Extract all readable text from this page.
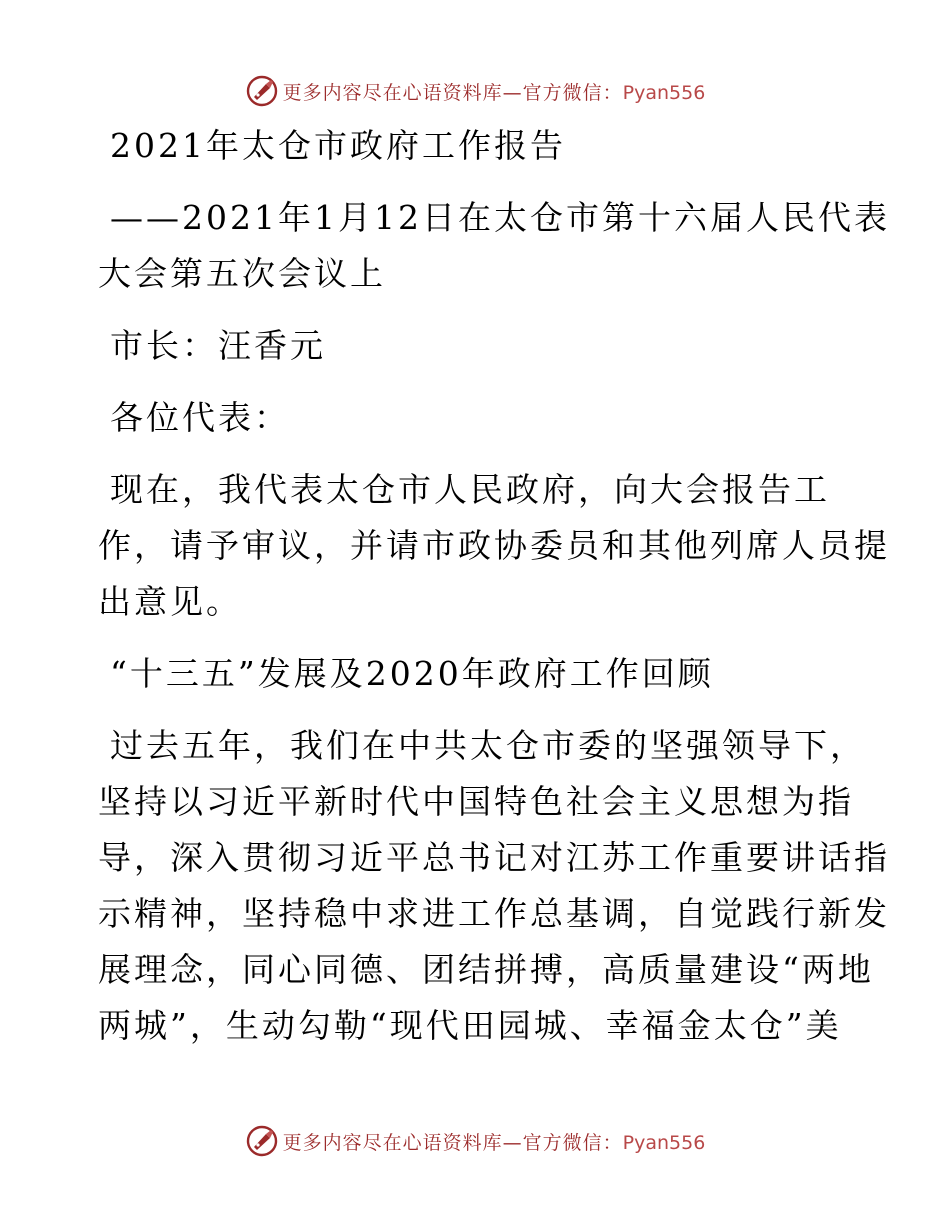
更多内容尽在心语资料库—官方微信：Pyan556

2021年太仓市政府工作报告

——2021年1月12日在太仓市第十六届人民代表
大会第五次会议上

市长：汪香元

各位代表：

现在，我代表太仓市人民政府，向大会报告工
作，请予审议，并请市政协委员和其他列席人员提
出意见。

“十三五”发展及2020年政府工作回顾

过去五年，我们在中共太仓市委的坚强领导下，
坚持以习近平新时代中国特色社会主义思想为指
导，深入贯彻习近平总书记对江苏工作重要讲话指
示精神，坚持稳中求进工作总基调，自觉践行新发
展理念，同心同德、团结拼搏，高质量建设“两地
两城”，生动勾勒“现代田园城、幸福金太仓”美

更多内容尽在心语资料库—官方微信：Pyan556
